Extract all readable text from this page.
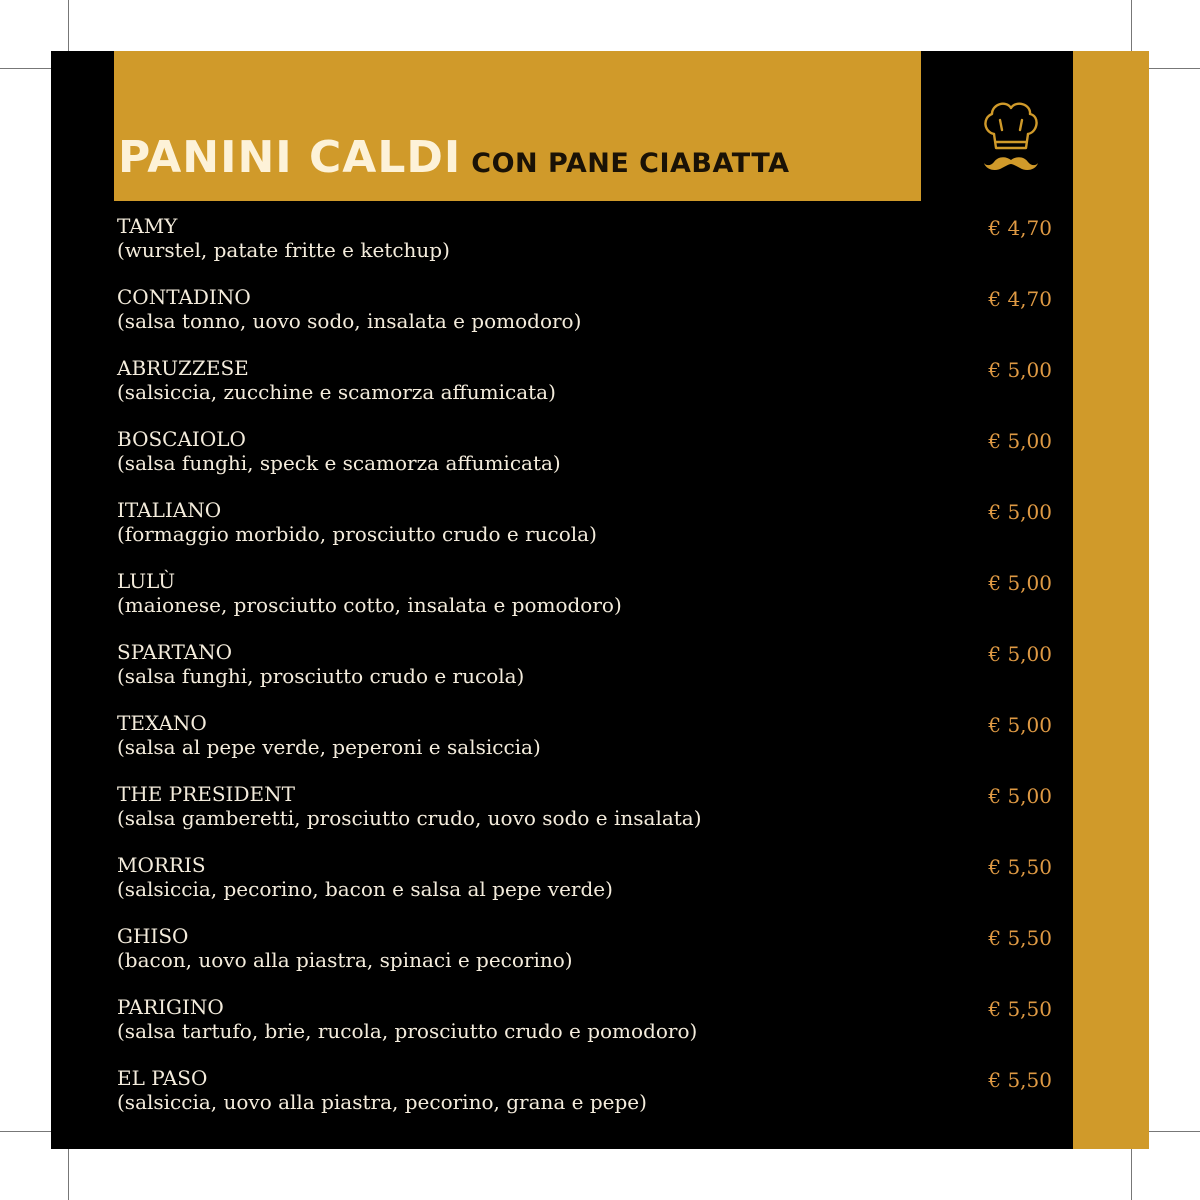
PANINI CALDI CON PANE CIABATTA
TAMY
(wurstel, patate fritte e ketchup)
€ 4,70
CONTADINO
(salsa tonno, uovo sodo, insalata e pomodoro)
€ 4,70
ABRUZZESE
(salsiccia, zucchine e scamorza affumicata)
€ 5,00
BOSCAIOLO
(salsa funghi, speck e scamorza affumicata)
€ 5,00
ITALIANO
(formaggio morbido, prosciutto crudo e rucola)
€ 5,00
LULÙ
(maionese, prosciutto cotto, insalata e pomodoro)
€ 5,00
SPARTANO
(salsa funghi, prosciutto crudo e rucola)
€ 5,00
TEXANO
(salsa al pepe verde, peperoni e salsiccia)
€ 5,00
THE PRESIDENT
(salsa gamberetti, prosciutto crudo, uovo sodo e insalata)
€ 5,00
MORRIS
(salsiccia, pecorino, bacon e salsa al pepe verde)
€ 5,50
GHISO
(bacon, uovo alla piastra, spinaci e pecorino)
€ 5,50
PARIGINO
(salsa tartufo, brie, rucola, prosciutto crudo e pomodoro)
€ 5,50
EL PASO
(salsiccia, uovo alla piastra, pecorino, grana e pepe)
€ 5,50
